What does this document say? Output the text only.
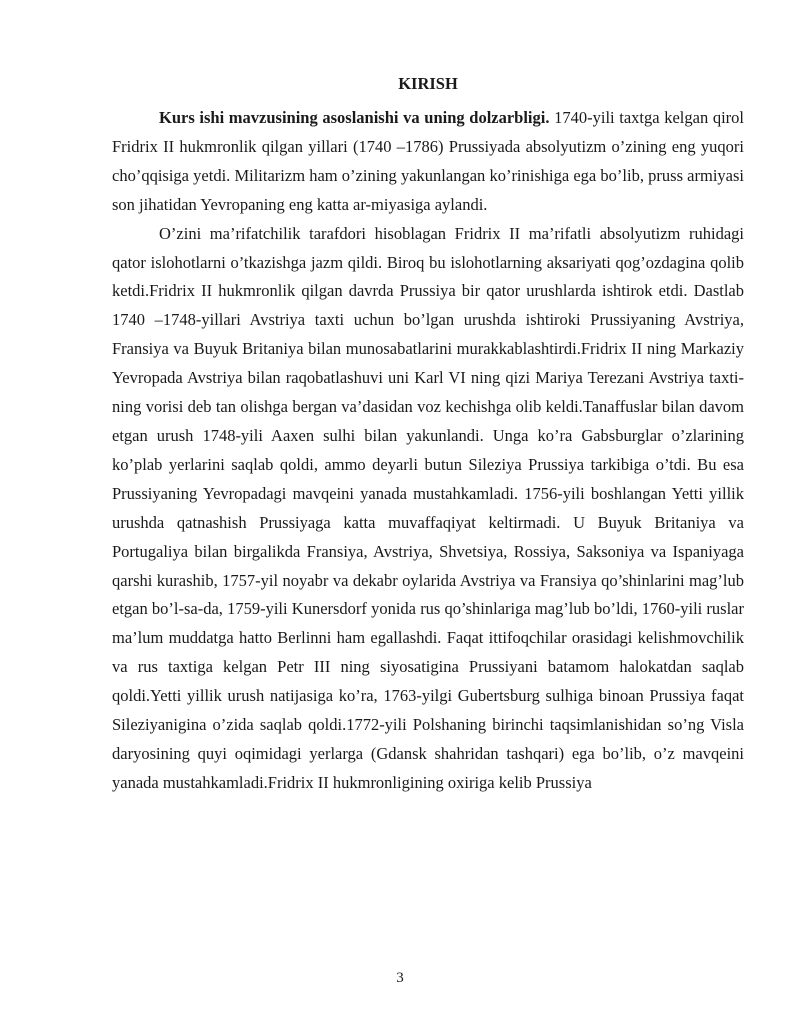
KIRISH

Kurs ishi mavzusining asoslanishi va uning dolzarbligi. 1740-yili taxtga kelgan qirol Fridrix II hukmronlik qilgan yillari (1740 –1786) Prussiyada absolyutizm o’zining eng yuqori cho’qqisiga yetdi. Militarizm ham o’zining yakunlangan ko’rinishiga ega bo’lib, pruss armiyasi son jihatidan Yevropaning eng katta ar-miyasiga aylandi.

O’zini ma’rifatchilik tarafdori hisoblagan Fridrix II ma’rifatli absolyutizm ruhidagi qator islohotlarni o’tkazishga jazm qildi. Biroq bu islohotlarning aksariyati qog’ozdagina qolib ketdi.Fridrix II hukmronlik qilgan davrda Prussiya bir qator urushlarda ishtirok etdi. Dastlab 1740 –1748-yillari Avstriya taxti uchun bo’lgan urushda ishtiroki Prussiyaning Avstriya, Fransiya va Buyuk Britaniya bilan munosabatlarini murakkablashtirdi.Fridrix II ning Markaziy Yevropada Avstriya bilan raqobatlashuvi uni Karl VI ning qizi Mariya Terezani Avstriya taxti-ning vorisi deb tan olishga bergan va’dasidan voz kechishga olib keldi.Tanaffuslar bilan davom etgan urush 1748-yili Aaxen sulhi bilan yakunlandi. Unga ko’ra Gabsburglar o’zlarining ko’plab yerlarini saqlab qoldi, ammo deyarli butun Sileziya Prussiya tarkibiga o’tdi. Bu esa Prussiyaning Yevropadagi mavqeini yanada mustahkamladi. 1756-yili boshlangan Yetti yillik urushda qatnashish Prussiyaga katta muvaffaqiyat keltirmadi. U Buyuk Britaniya va Portugaliya bilan birgalikda Fransiya, Avstriya, Shvetsiya, Rossiya, Saksoniya va Ispaniyaga qarshi kurashib, 1757-yil noyabr va dekabr oylarida Avstriya va Fransiya qo’shinlarini mag’lub etgan bo’l-sa-da, 1759-yili Kunersdorf yonida rus qo’shinlariga mag’lub bo’ldi, 1760-yili ruslar ma’lum muddatga hatto Berlinni ham egallashdi. Faqat ittifoqchilar orasidagi kelishmovchilik va rus taxtiga kelgan Petr III ning siyosatigina Prussiyani batamom halokatdan saqlab qoldi.Yetti yillik urush natijasiga ko’ra, 1763-yilgi Gubertsburg sulhiga binoan Prussiya faqat Sileziyanigina o’zida saqlab qoldi.1772-yili Polshaning birinchi taqsimlanishidan so’ng Visla daryosining quyi oqimidagi yerlarga (Gdansk shahridan tashqari) ega bo’lib, o’z mavqeini yanada mustahkamladi.Fridrix II hukmronligining oxiriga kelib Prussiya

3
